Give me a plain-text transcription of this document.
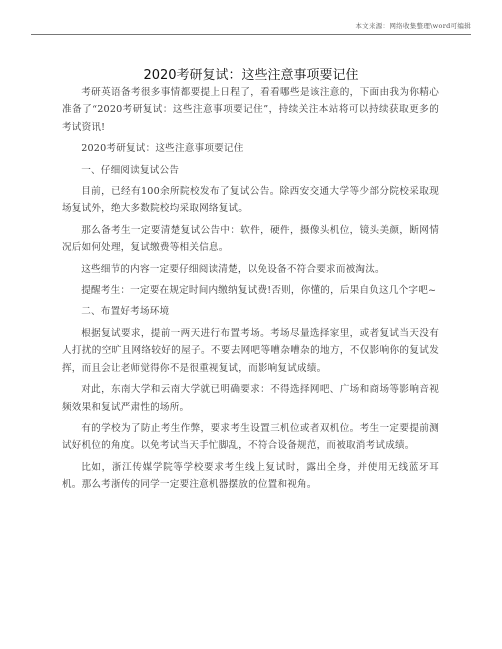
本文来源：网络收集整理\word可编辑
2020考研复试：这些注意事项要记住

考研英语备考很多事情都要提上日程了，看看哪些是该注意的，下面由我为你精心准备了“2020考研复试：这些注意事项要记住”，持续关注本站将可以持续获取更多的考试资讯!

2020考研复试：这些注意事项要记住

一、仔细阅读复试公告

目前，已经有100余所院校发布了复试公告。除西安交通大学等少部分院校采取现场复试外，绝大多数院校均采取网络复试。

那么备考生一定要清楚复试公告中：软件，硬件，摄像头机位，镜头美颜，断网情况后如何处理，复试缴费等相关信息。

这些细节的内容一定要仔细阅读清楚，以免设备不符合要求而被淘汰。

提醒考生：一定要在规定时间内缴纳复试费!否则，你懂的，后果自负这几个字吧~

二、布置好考场环境

根据复试要求，提前一两天进行布置考场。考场尽量选择家里，或者复试当天没有人打扰的空旷且网络较好的屋子。不要去网吧等嘈杂嘈杂的地方，不仅影响你的复试发挥，而且会让老师觉得你不是很重视复试，而影响复试成绩。

对此，东南大学和云南大学就已明确要求：不得选择网吧、广场和商场等影响音视频效果和复试严肃性的场所。

有的学校为了防止考生作弊，要求考生设置三机位或者双机位。考生一定要提前测试好机位的角度。以免考试当天手忙脚乱，不符合设备规范，而被取消考试成绩。

比如，浙江传媒学院等学校要求考生线上复试时，露出全身，并使用无线蓝牙耳机。那么考浙传的同学一定要注意机器摆放的位置和视角。
